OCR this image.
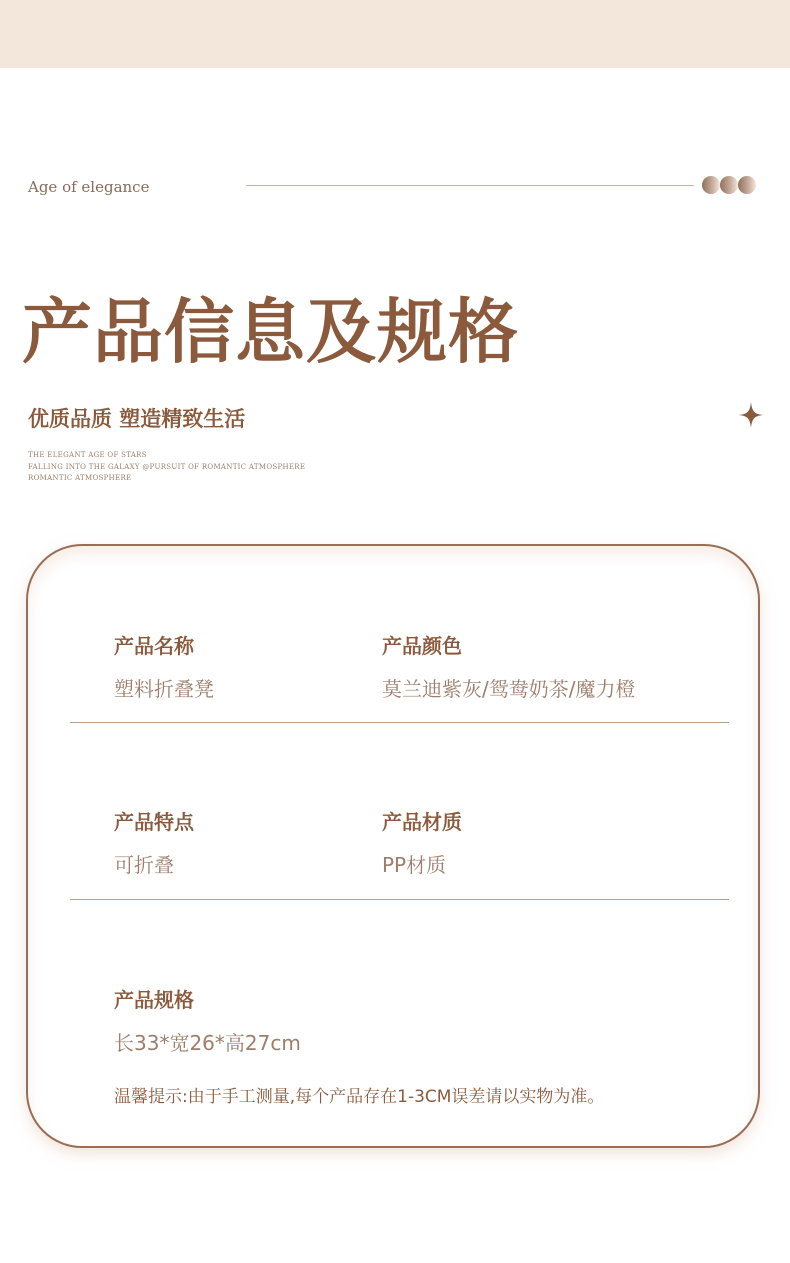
Age of elegance
产品信息及规格
优质品质 塑造精致生活
THE ELEGANT AGE OF STARS
FALLING INTO THE GALAXY @PURSUIT OF ROMANTIC ATMOSPHERE
ROMANTIC ATMOSPHERE
产品名称
塑料折叠凳
产品颜色
莫兰迪紫灰/鸳鸯奶茶/魔力橙
产品特点
可折叠
产品材质
PP材质
产品规格
长33*宽26*高27cm
温馨提示:由于手工测量,每个产品存在1-3CM误差请以实物为准。
